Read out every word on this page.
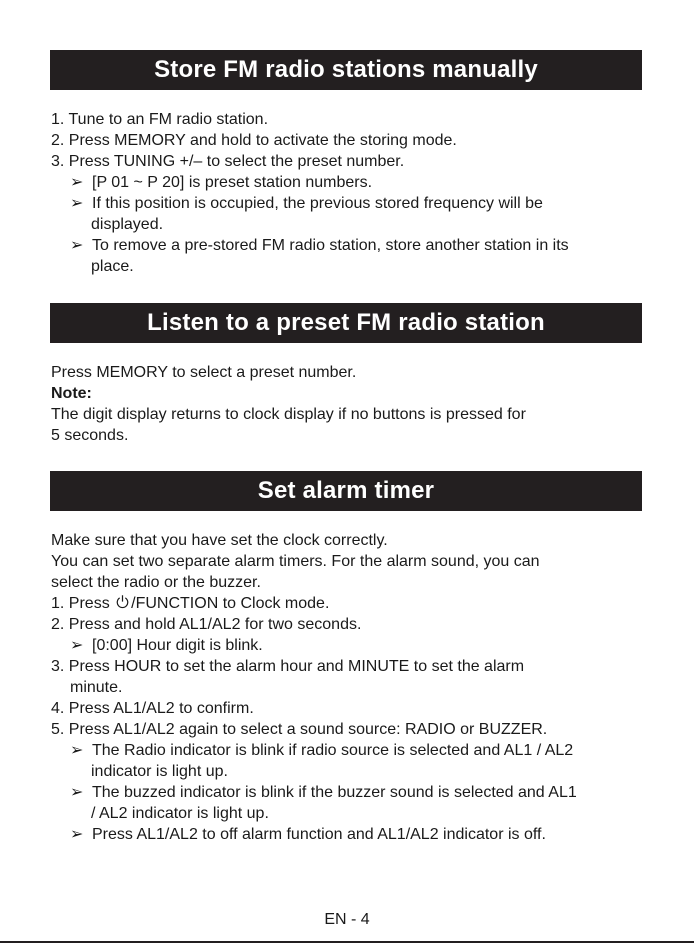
Store FM radio stations manually
1. Tune to an FM radio station.
2. Press MEMORY and hold to activate the storing mode.
3. Press TUNING +/– to select the preset number.
➢ [P 01 ~ P 20] is preset station numbers.
➢ If this position is occupied, the previous stored frequency will be
displayed.
➢ To remove a pre-stored FM radio station, store another station in its
place.
Listen to a preset FM radio station
Press MEMORY to select a preset number.
Note:
The digit display returns to clock display if no buttons is pressed for
5 seconds.
Set alarm timer
Make sure that you have set the clock correctly.
You can set two separate alarm timers. For the alarm sound, you can
select the radio or the buzzer.
1. Press /FUNCTION to Clock mode.
2. Press and hold AL1/AL2 for two seconds.
➢ [0:00] Hour digit is blink.
3. Press HOUR to set the alarm hour and MINUTE to set the alarm
minute.
4. Press AL1/AL2 to confirm.
5. Press AL1/AL2 again to select a sound source: RADIO or BUZZER.
➢ The Radio indicator is blink if radio source is selected and AL1 / AL2
indicator is light up.
➢ The buzzed indicator is blink if the buzzer sound is selected and AL1
/ AL2 indicator is light up.
➢ Press AL1/AL2 to off alarm function and AL1/AL2 indicator is off.
EN - 4
